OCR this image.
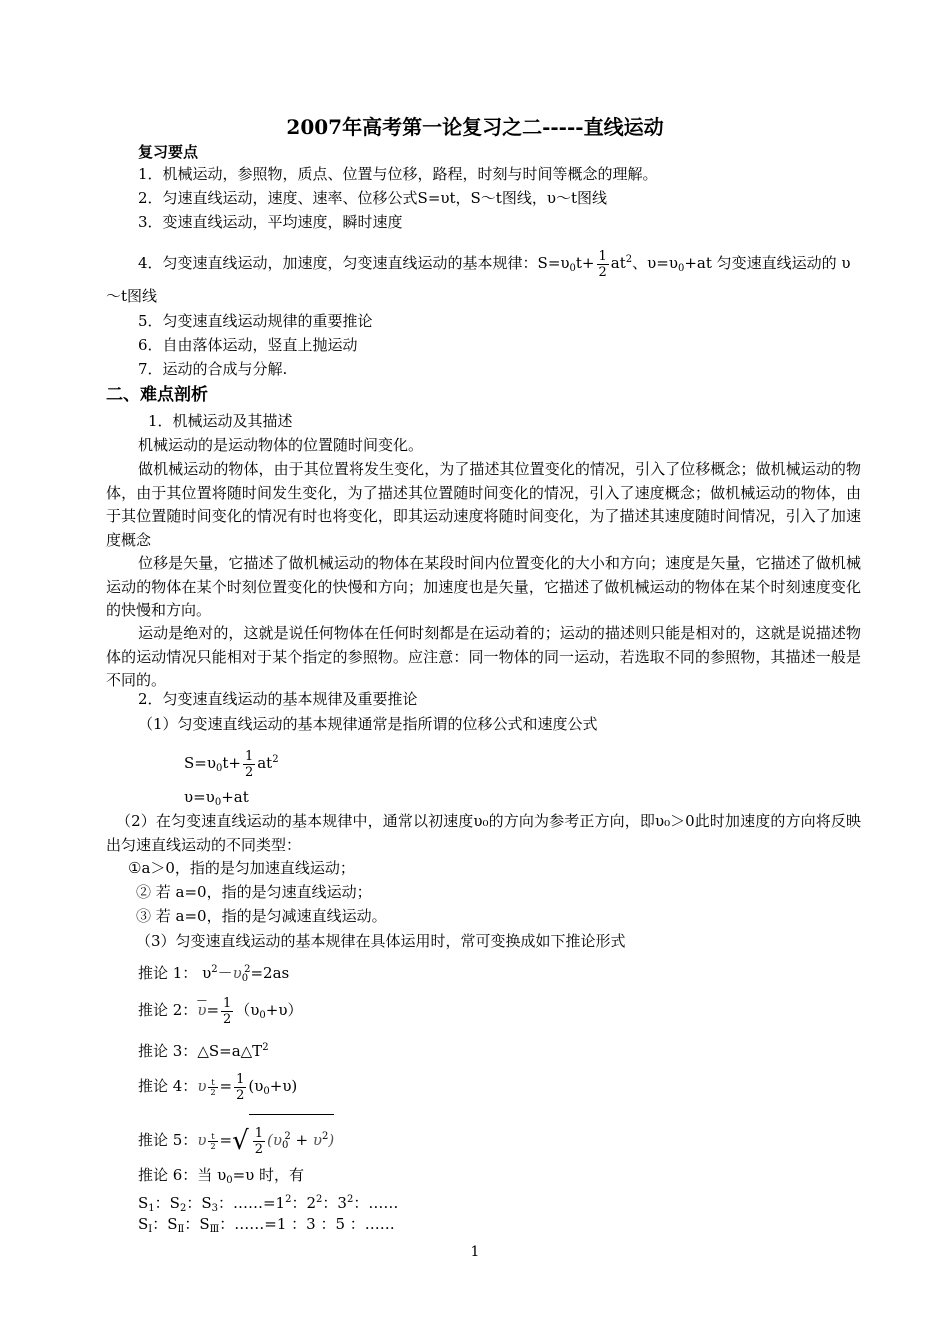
2007年高考第一论复习之二-----直线运动
复习要点
1．机械运动，参照物，质点、位置与位移，路程，时刻与时间等概念的理解。
2．匀速直线运动，速度、速率、位移公式S=υt，S～t图线，υ～t图线
3．变速直线运动，平均速度，瞬时速度
4．匀变速直线运动，加速度，匀变速直线运动的基本规律：$S=\upsilon_0t+ \frac{1}{2} at^2$、$\upsilon=\upsilon_0+at$ 匀变速直线运动的 υ
～t图线
5．匀变速直线运动规律的重要推论
6．自由落体运动，竖直上抛运动
7．运动的合成与分解.
二、难点剖析
1．机械运动及其描述
机械运动的是运动物体的位置随时间变化。
做机械运动的物体，由于其位置将发生变化，为了描述其位置变化的情况，引入了位移概念；做机械运动的物体，由于其位置将随时间发生变化，为了描述其位置随时间变化的情况，引入了速度概念；做机械运动的物体，由于其位置随时间变化的情况有时也将变化，即其运动速度将随时间变化，为了描述其速度随时间情况，引入了加速度概念
位移是矢量，它描述了做机械运动的物体在某段时间内位置变化的大小和方向；速度是矢量，它描述了做机械运动的物体在某个时刻位置变化的快慢和方向；加速度也是矢量，它描述了做机械运动的物体在某个时刻速度变化的快慢和方向。
运动是绝对的，这就是说任何物体在任何时刻都是在运动着的；运动的描述则只能是相对的，这就是说描述物体的运动情况只能相对于某个指定的参照物。应注意：同一物体的同一运动，若选取不同的参照物，其描述一般是不同的。
2．匀变速直线运动的基本规律及重要推论
（1）匀变速直线运动的基本规律通常是指所谓的位移公式和速度公式
$S=\upsilon_0t+ \frac{1}{2} at^2$
$\upsilon=\upsilon_0+at$
（2）在匀变速直线运动的基本规律中，通常以初速度υ₀的方向为参考正方向，即υ₀＞0此时加速度的方向将反映出匀速直线运动的不同类型：
①a＞0，指的是匀加速直线运动；
② 若 a=0，指的是匀速直线运动；
③ 若 a=0，指的是匀减速直线运动。
（3）匀变速直线运动的基本规律在具体运用时，常可变换成如下推论形式
推论 1： $\upsilon^2-\upsilon_0^2=2as$
推论 2：$\overline{\upsilon}= \frac{1}{2} (\upsilon_0+\upsilon)$
推论 3：$\triangle S=a\triangle T^2$
推论 4：υ $\frac{t}{2} = \frac{1}{2} (\upsilon_0+\upsilon)$
推论 5：υ $\frac{t}{2}$ =√ $\frac{1}{2} (\upsilon_0^2 + \upsilon^2)$
推论 6：当 $\upsilon_0=\upsilon$ 时，有
$S_1$：$S_2$：$S_3$：$\dots\dots=1^2$：$2^2$：$3^2$：……
$S_Ⅰ$：$S_Ⅱ$：$S_Ⅲ$：……=1 ：3 ：5 ：……
1
